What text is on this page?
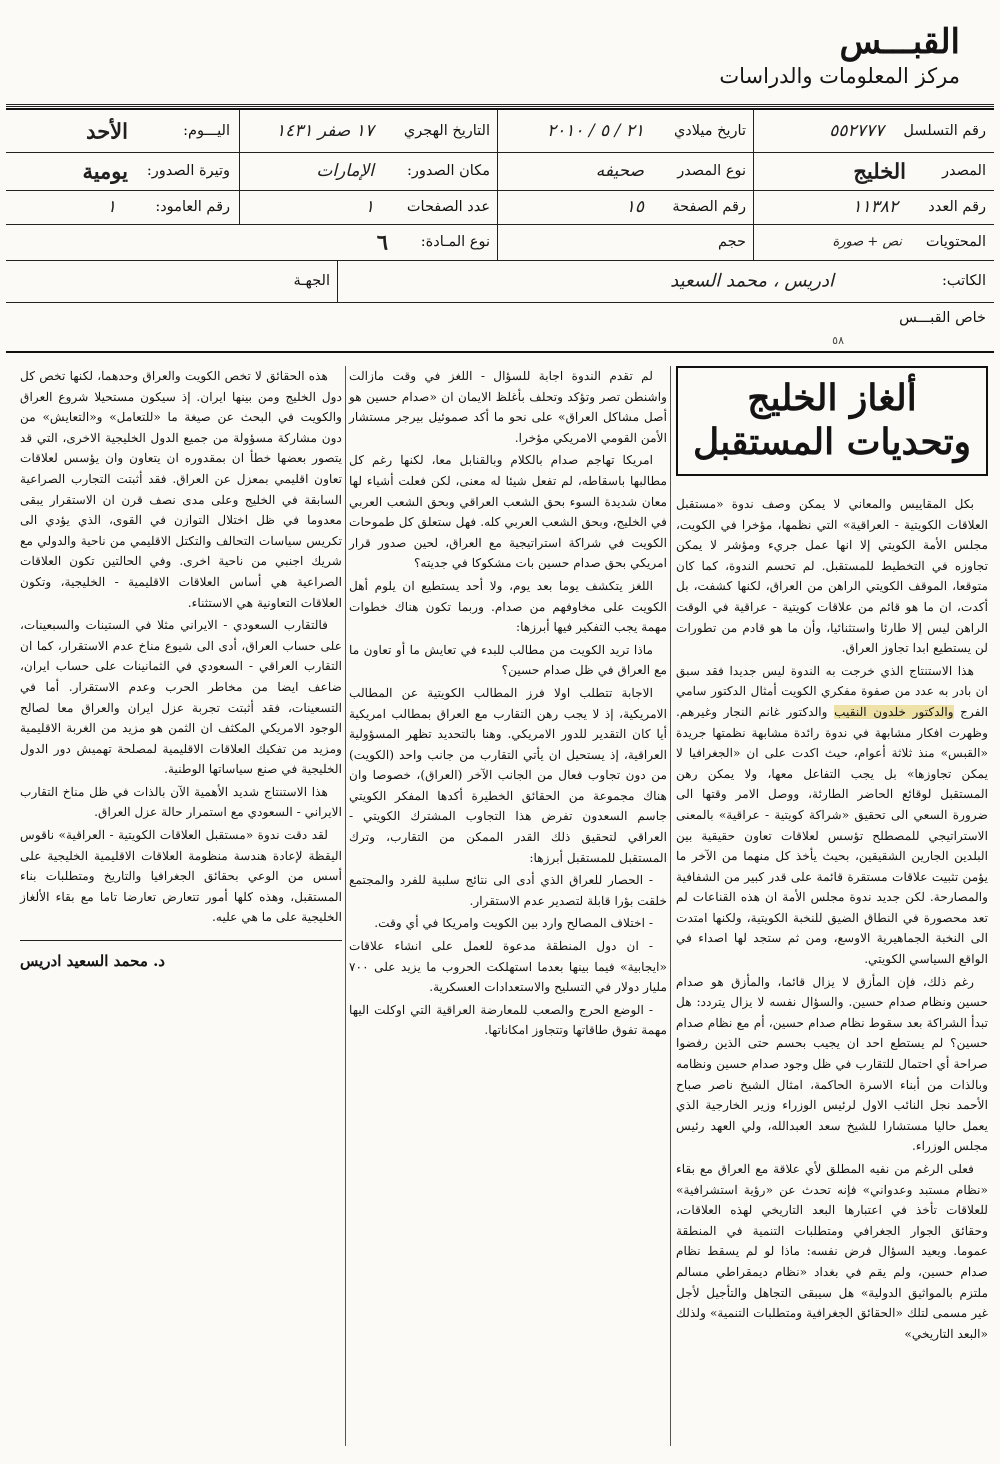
القبـــس
مركز المعلومات والدراسات
رقم التسلسل
٥٥٢٧٧٧
تاريخ ميلادي
٢١ / ٥ / ٢٠١٠
التاريخ الهجري
١٧ صفر ١٤٣١
اليـــوم:
الأحد
المصدر
الخليج
نوع المصدر
صحيفه
مكان الصدور:
الإمارات
وتيرة الصدور:
يومية
رقم العدد
١١٣٨٢
رقم الصفحة
١٥
عدد الصفحات
١
رقم العامود:
١
المحتويات
نص + صورة
حجم
نوع المـادة:
٦
الكاتب:
ادريس ، محمد السعيد
الجهـة
خاص القبـــس
٥٨
ألغاز الخليج
وتحديات المستقبل

بكل المقاييس والمعاني لا يمكن وصف ندوة «مستقبل العلاقات الكويتية - العراقية» التي نظمها، مؤخرا في الكويت، مجلس الأمة الكويتي إلا انها عمل جريء ومؤشر لا يمكن تجاوزه في التخطيط للمستقبل. لم تحسم الندوة، كما كان متوقعا، الموقف الكويتي الراهن من العراق، لكنها كشفت، بل أكدت، ان ما هو قائم من علاقات كويتية - عراقية في الوقت الراهن ليس إلا طارئا واستثنائيا، وأن ما هو قادم من تطورات لن يستطيع ابدا تجاوز العراق.

هذا الاستنتاج الذي خرجت به الندوة ليس جديدا فقد سبق ان بادر به عدد من صفوة مفكري الكويت أمثال الدكتور سامي الفرج والدكتور خلدون النقيب والدكتور غانم النجار وغيرهم. وظهرت افكار مشابهة في ندوة رائدة مشابهة نظمتها جريدة «القبس» منذ ثلاثة أعوام، حيث اكدت على ان «الجغرافيا لا يمكن تجاوزها» بل يجب التفاعل معها، ولا يمكن رهن المستقبل لوقائع الحاضر الطارئة، ووصل الامر وقتها الى ضرورة السعي الى تحقيق «شراكة كويتية - عراقية» بالمعنى الاستراتيجي للمصطلح تؤسس لعلاقات تعاون حقيقية بين البلدين الجارين الشقيقين، بحيث يأخذ كل منهما من الآخر ما يؤمن تثبيت علاقات مستقرة قائمة على قدر كبير من الشفافية والمصارحة. لكن جديد ندوة مجلس الأمة ان هذه القناعات لم تعد محصورة في النطاق الضيق للنخبة الكويتية، ولكنها امتدت الى النخبة الجماهيرية الاوسع، ومن ثم ستجد لها اصداء في الواقع السياسي الكويتي.

رغم ذلك، فإن المأزق لا يزال قائما، والمأزق هو صدام حسين ونظام صدام حسين. والسؤال نفسه لا يزال يتردد: هل تبدأ الشراكة بعد سقوط نظام صدام حسين، أم مع نظام صدام حسين؟ لم يستطع احد ان يجيب بحسم حتى الذين رفضوا صراحة أي احتمال للتقارب في ظل وجود صدام حسين ونظامه وبالذات من أبناء الاسرة الحاكمة، امثال الشيخ ناصر صباح الأحمد نجل النائب الاول لرئيس الوزراء وزير الخارجية الذي يعمل حاليا مستشارا للشيخ سعد العبدالله، ولي العهد رئيس مجلس الوزراء.

فعلى الرغم من نفيه المطلق لأي علاقة مع العراق مع بقاء «نظام مستبد وعدواني» فإنه تحدث عن «رؤية استشرافية» للعلاقات تأخذ في اعتبارها البعد التاريخي لهذه العلاقات، وحقائق الجوار الجغرافي ومتطلبات التنمية في المنطقة عموما. ويعيد السؤال فرض نفسه: ماذا لو لم يسقط نظام صدام حسين، ولم يقم في بغداد «نظام ديمقراطي مسالم ملتزم بالمواثيق الدولية» هل سيبقى التجاهل والتأجيل لأجل غير مسمى لتلك «الحقائق الجغرافية ومتطلبات التنمية» ولذلك «البعد التاريخي»

لم تقدم الندوة اجابة للسؤال - اللغز في وقت مازالت واشنطن تصر وتؤكد وتحلف بأغلظ الايمان ان «صدام حسين هو أصل مشاكل العراق» على نحو ما أكد صموئيل بيرجر مستشار الأمن القومي الامريكي مؤخرا.

امريكا تهاجم صدام بالكلام وبالقنابل معا، لكنها رغم كل مطالبها باسقاطه، لم تفعل شيئا له معنى، لكن فعلت أشياء لها معان شديدة السوء بحق الشعب العراقي وبحق الشعب العربي في الخليج، وبحق الشعب العربي كله. فهل ستعلق كل طموحات الكويت في شراكة استراتيجية مع العراق، لحين صدور قرار امريكي بحق صدام حسين بات مشكوكا في جديته؟

اللغز يتكشف يوما بعد يوم، ولا أحد يستطيع ان يلوم أهل الكويت على مخاوفهم من صدام. وربما تكون هناك خطوات مهمة يجب التفكير فيها أبرزها:

ماذا تريد الكويت من مطالب للبدء في تعايش ما أو تعاون ما مع العراق في ظل صدام حسين؟

الاجابة تتطلب اولا فرز المطالب الكويتية عن المطالب الامريكية، إذ لا يجب رهن التقارب مع العراق بمطالب امريكية أيا كان التقدير للدور الامريكي. وهنا بالتحديد تظهر المسؤولية العراقية، إذ يستحيل ان يأتي التقارب من جانب واحد (الكويت) من دون تجاوب فعال من الجانب الآخر (العراق)، خصوصا وان هناك مجموعة من الحقائق الخطيرة أكدها المفكر الكويتي جاسم السعدون تفرض هذا التجاوب المشترك الكويتي - العراقي لتحقيق ذلك القدر الممكن من التقارب، وترك المستقبل للمستقبل أبرزها:

- الحصار للعراق الذي أدى الى نتائج سلبية للفرد والمجتمع خلقت بؤرا قابلة لتصدير عدم الاستقرار.

- اختلاف المصالح وارد بين الكويت وامريكا في أي وقت.

- ان دول المنطقة مدعوة للعمل على انشاء علاقات «ايجابية» فيما بينها بعدما استهلكت الحروب ما يزيد على ٧٠٠ مليار دولار في التسليح والاستعدادات العسكرية.

- الوضع الحرج والصعب للمعارضة العراقية التي اوكلت اليها مهمة تفوق طاقاتها وتتجاوز امكاناتها.

هذه الحقائق لا تخص الكويت والعراق وحدهما، لكنها تخص كل دول الخليج ومن بينها ايران. إذ سيكون مستحيلا شروع العراق والكويت في البحث عن صيغة ما «للتعامل» و«التعايش» من دون مشاركة مسؤولة من جميع الدول الخليجية الاخرى، التي قد يتصور بعضها خطأ ان بمقدوره ان يتعاون وان يؤسس لعلاقات تعاون اقليمي بمعزل عن العراق. فقد أثبتت التجارب الصراعية السابقة في الخليج وعلى مدى نصف قرن ان الاستقرار يبقى معدوما في ظل اختلال التوازن في القوى، الذي يؤدي الى تكريس سياسات التحالف والتكتل الاقليمي من ناحية والدولي مع شريك اجنبي من ناحية اخرى. وفي الحالتين تكون العلاقات الصراعية هي أساس العلاقات الاقليمية - الخليجية، وتكون العلاقات التعاونية هي الاستثناء.

فالتقارب السعودي - الايراني مثلا في الستينات والسبعينات، على حساب العراق، أدى الى شيوع مناخ عدم الاستقرار، كما ان التقارب العراقي - السعودي في الثمانينات على حساب ايران، ضاعف ايضا من مخاطر الحرب وعدم الاستقرار. أما في التسعينات، فقد أثبتت تجربة عزل ايران والعراق معا لصالح الوجود الامريكي المكثف ان الثمن هو مزيد من الغربة الاقليمية ومزيد من تفكيك العلاقات الاقليمية لمصلحة تهميش دور الدول الخليجية في صنع سياساتها الوطنية.

هذا الاستنتاج شديد الأهمية الآن بالذات في ظل مناخ التقارب الايراني - السعودي مع استمرار حالة عزل العراق.

لقد دقت ندوة «مستقبل العلاقات الكويتية - العراقية» ناقوس اليقظة لإعادة هندسة منظومة العلاقات الاقليمية الخليجية على أسس من الوعي بحقائق الجغرافيا والتاريخ ومتطلبات بناء المستقبل، وهذه كلها أمور تتعارض تعارضا تاما مع بقاء الألغاز الخليجية على ما هي عليه.

د. محمد السعيد ادريس
